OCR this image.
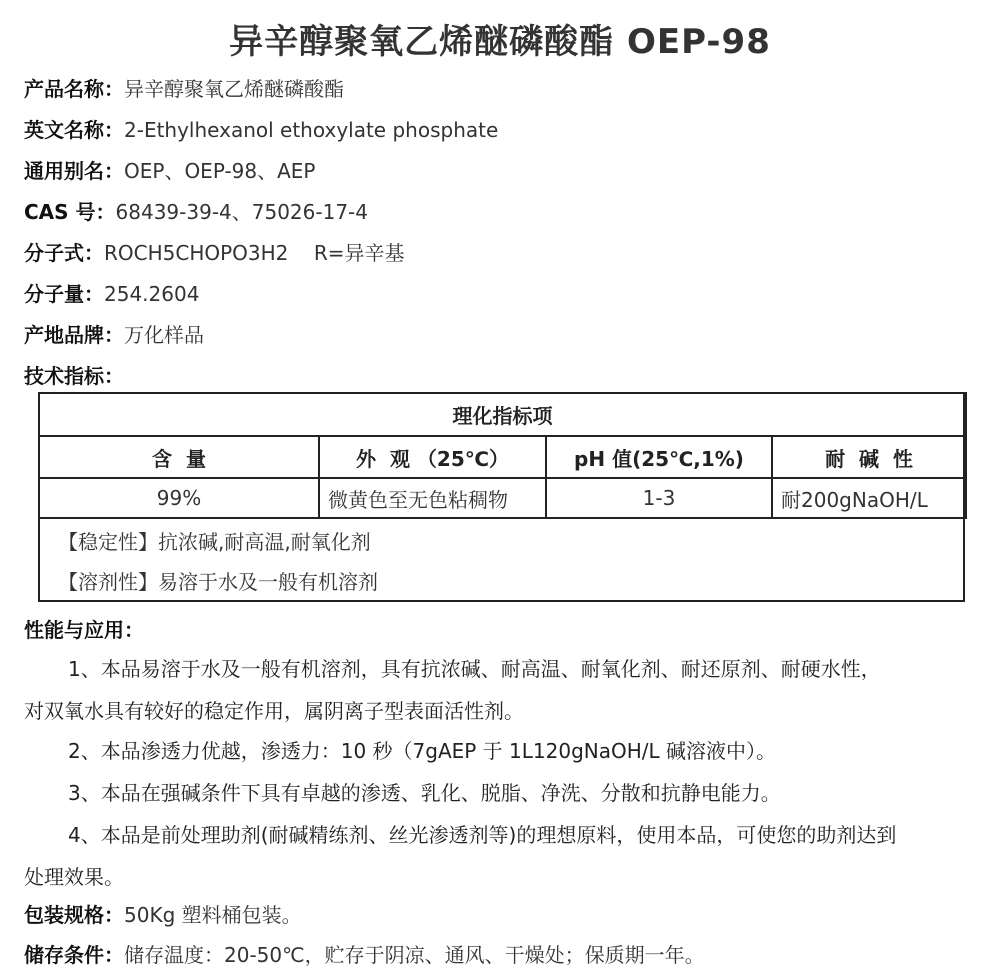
异辛醇聚氧乙烯醚磷酸酯 OEP-98
产品名称：异辛醇聚氧乙烯醚磷酸酯
英文名称：2-Ethylhexanol ethoxylate phosphate
通用别名：OEP、OEP-98、AEP
CAS 号：68439-39-4、75026-17-4
分子式：ROCH5CHOPO3H2    R=异辛基
分子量：254.2604
产地品牌：万化样品
技术指标：
理化指标项			
含  量	外  观 （25℃）	pH 值(25℃,1%)	耐  碱  性
99%	微黄色至无色粘稠物	1-3	耐200gNaOH/L
【稳定性】抗浓碱,耐高温,耐氧化剂
【溶剂性】易溶于水及一般有机溶剂
性能与应用：
1、本品易溶于水及一般有机溶剂，具有抗浓碱、耐高温、耐氧化剂、耐还原剂、耐硬水性，
对双氧水具有较好的稳定作用，属阴离子型表面活性剂。
2、本品渗透力优越，渗透力：10 秒（7gAEP 于 1L120gNaOH/L 碱溶液中）。
3、本品在强碱条件下具有卓越的渗透、乳化、脱脂、净洗、分散和抗静电能力。
4、本品是前处理助剂(耐碱精练剂、丝光渗透剂等)的理想原料，使用本品，可使您的助剂达到
处理效果。
包装规格：50Kg 塑料桶包装。
储存条件：储存温度：20-50℃，贮存于阴凉、通风、干燥处；保质期一年。
